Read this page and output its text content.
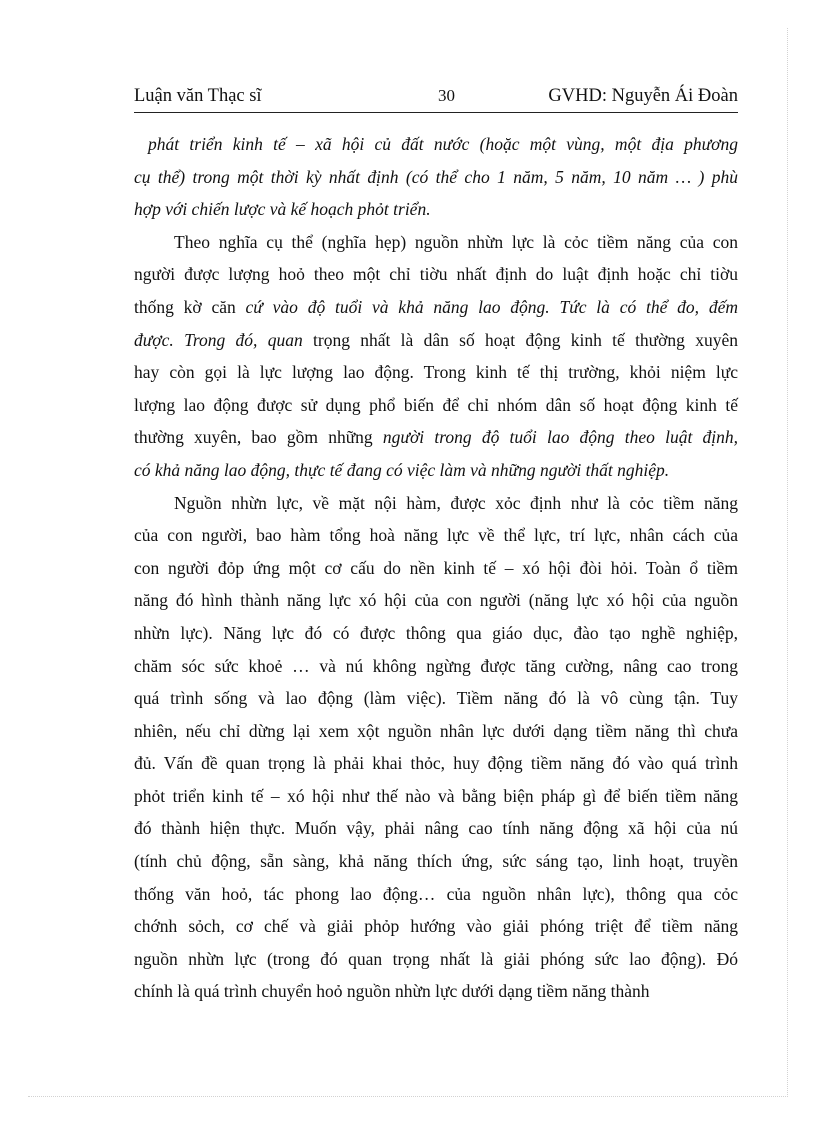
Luận văn Thạc sĩ	30	GVHD: Nguyễn Ái Đoàn
phát triển kinh tế – xã hội củ đất nước (hoặc một vùng, một địa phương
cụ thể) trong một thời kỳ nhất định (có thể cho 1 năm, 5 năm, 10 năm … ) phù
hợp với chiến lược và kế hoạch phỏt triển.
Theo nghĩa cụ thể (nghĩa hẹp) nguồn nhừn lực là cỏc tiềm năng của con
người được lượng hoỏ theo một chỉ tiờu nhất định do luật định hoặc chỉ tiờu
thống kờ căn cứ vào độ tuổi và khả năng lao động. Tức là có thể đo, đếm
được. Trong đó, quan trọng nhất là dân số hoạt động kinh tế thường xuyên
hay còn gọi là lực lượng lao động. Trong kinh tế thị trường, khỏi niệm lực
lượng lao động được sử dụng phổ biến để chỉ nhóm dân số hoạt động kinh tế
thường xuyên, bao gồm những người trong độ tuổi lao động theo luật định,
có khả năng lao động, thực tế đang có việc làm và những người thất nghiệp.
Nguồn nhừn lực, về mặt nội hàm, được xỏc định như là cỏc tiềm năng
của con người, bao hàm tổng hoà năng lực về thể lực, trí lực, nhân cách của
con người đỏp ứng một cơ cấu do nền kinh tế – xó hội đòi hỏi. Toàn ổ tiềm
năng đó hình thành năng lực xó hội của con người (năng lực xó hội của nguồn
nhừn lực). Năng lực đó có được thông qua giáo dục, đào tạo nghề nghiệp,
chăm sóc sức khoẻ … và nú không ngừng được tăng cường, nâng cao trong
quá trình sống và lao động (làm việc). Tiềm năng đó là vô cùng tận. Tuy
nhiên, nếu chỉ dừng lại xem xột nguồn nhân lực dưới dạng tiềm năng thì chưa
đủ. Vấn đề quan trọng là phải khai thỏc, huy động tiềm năng đó vào quá trình
phỏt triển kinh tế – xó hội như thế nào và bằng biện pháp gì để biến tiềm năng
đó thành hiện thực. Muốn vậy, phải nâng cao tính năng động xã hội của nú
(tính chủ động, sẵn sàng, khả năng thích ứng, sức sáng tạo, linh hoạt, truyền
thống văn hoỏ, tác phong lao động… của nguồn nhân lực), thông qua cỏc
chớnh sỏch, cơ chế và giải phỏp hướng vào giải phóng triệt để tiềm năng
nguồn nhừn lực (trong đó quan trọng nhất là giải phóng sức lao động). Đó
chính là quá trình chuyển hoỏ nguồn nhừn lực dưới dạng tiềm năng thành
